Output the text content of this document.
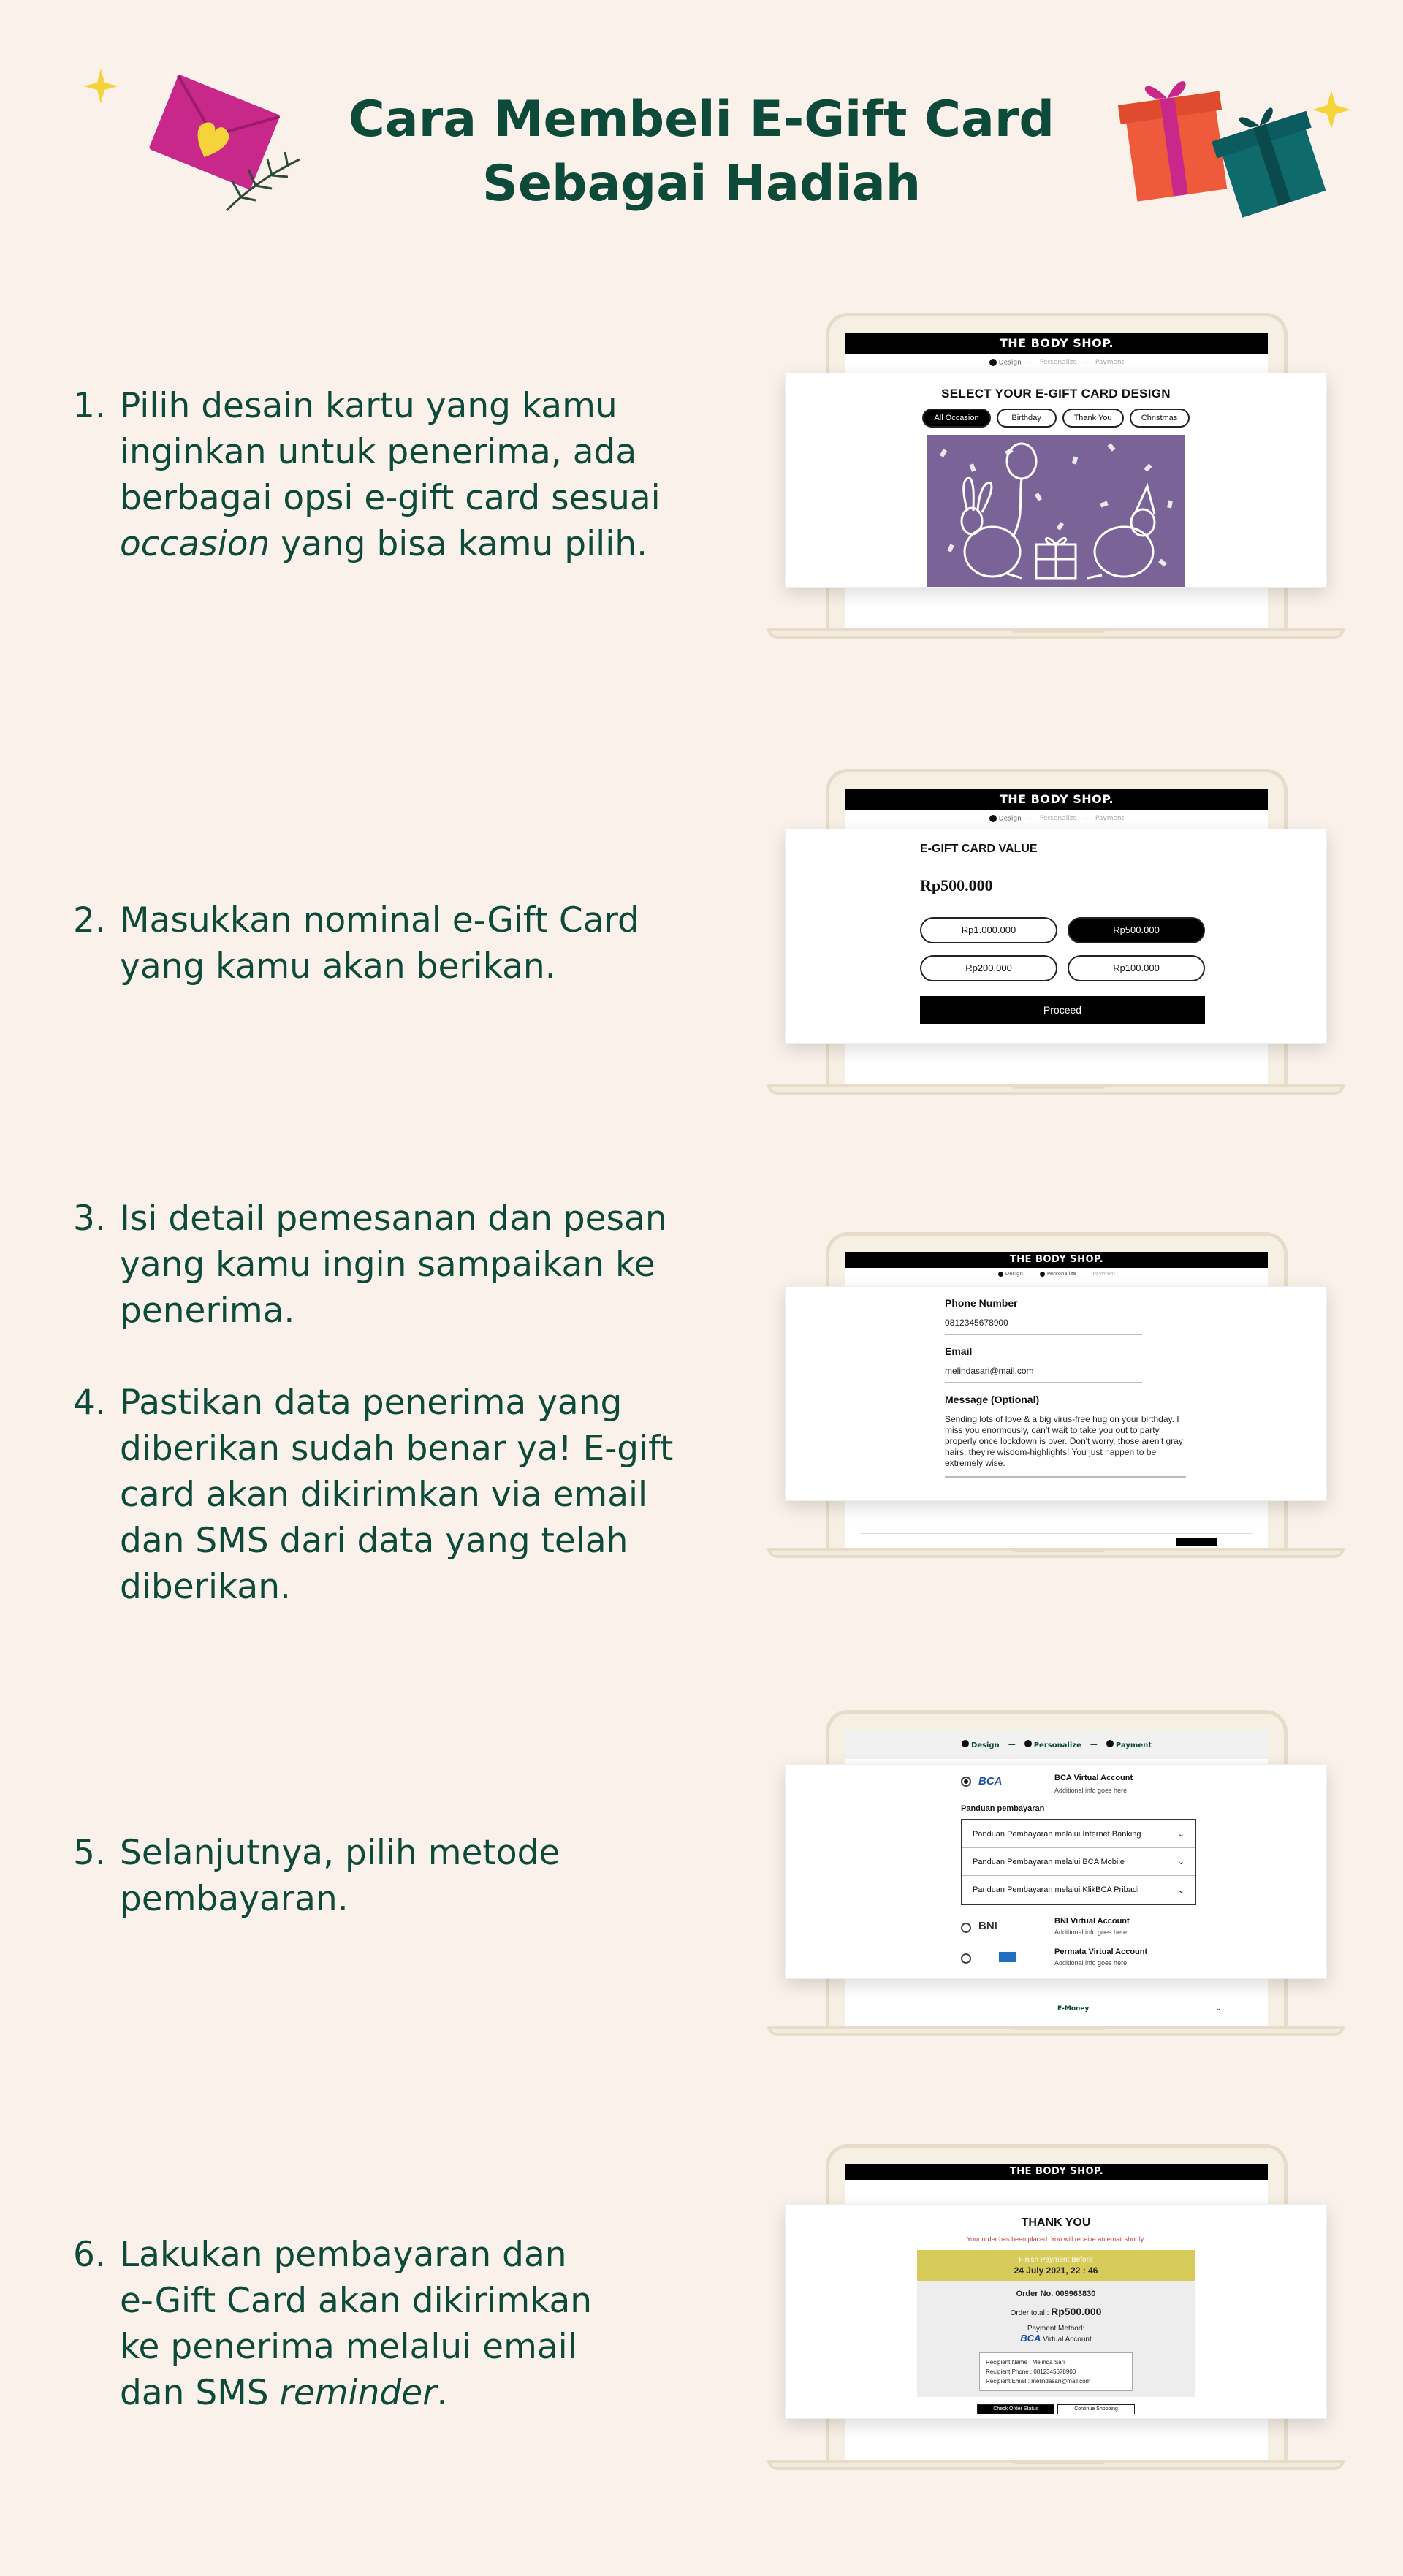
Cara Membeli E-Gift Card
Sebagai Hadiah
1. Pilih desain kartu yang kamu
inginkan untuk penerima, ada
berbagai opsi e-gift card sesuai
occasion yang bisa kamu pilih.
2. Masukkan nominal e-Gift Card
yang kamu akan berikan.
3. Isi detail pemesanan dan pesan
yang kamu ingin sampaikan ke
penerima.
4. Pastikan data penerima yang
diberikan sudah benar ya! E-gift
card akan dikirimkan via email
dan SMS dari data yang telah
diberikan.
5. Selanjutnya, pilih metode
pembayaran.
6. Lakukan pembayaran dan
e-Gift Card akan dikirimkan
ke penerima melalui email
dan SMS reminder.
THE BODY SHOP.
Design — Personalize — Payment
SELECT YOUR E-GIFT CARD DESIGN
All Occasion	Birthday	Thank You	Christmas
THE BODY SHOP.
Design — Personalize — Payment
E-GIFT CARD VALUE
Rp500.000
Rp1.000.000	Rp500.000
Rp200.000	Rp100.000
Proceed
THE BODY SHOP.
Design —	Personalize — Payment
Phone Number
0812345678900
Email
melindasari@mail.com
Message (Optional)
Sending lots of love & a big virus-free hug on your birthday. I miss you enormously, can't wait to take you out to party properly once lockdown is over. Don't worry, those aren't gray hairs, they're wisdom-highlights! You just happen to be extremely wise.
Design —	Personalize —	Payment
E-Money	⌄
BCA	BCA Virtual Account
Additional info goes here
Panduan pembayaran
Panduan Pembayaran melalui Internet Banking	⌄
Panduan Pembayaran melalui BCA Mobile	⌄
Panduan Pembayaran melalui KlikBCA Pribadi	⌄
BNI	BNI Virtual Account
Additional info goes here
Permata Virtual Account
Additional info goes here
THE BODY SHOP.
THANK YOU
Your order has been placed. You will receive an email shortly.
Finish Payment Before
24 July 2021, 22 : 46
Order No. 009963830
Order total : Rp500.000
Payment Method:
BCA Virtual Account
Recipient Name : Melinda Sari
Recipient Phone : 0812345678900
Recipient Email : melindasari@mail.com
Check Order Status	Continue Shopping
